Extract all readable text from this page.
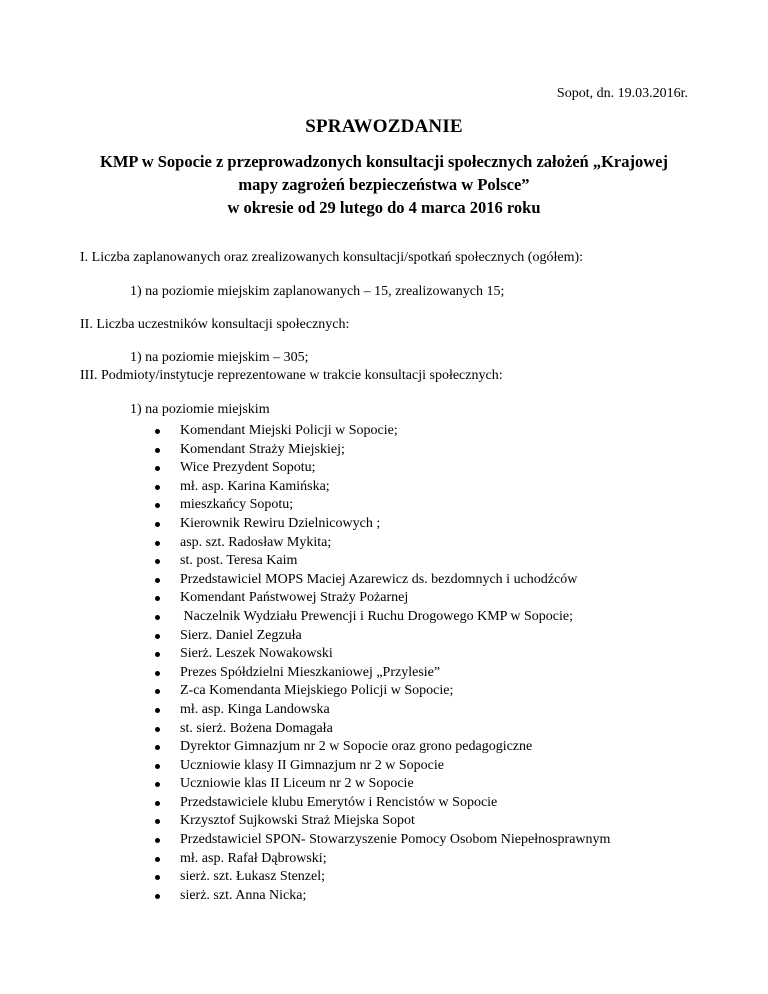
Sopot, dn. 19.03.2016r.
SPRAWOZDANIE
KMP w Sopocie z przeprowadzonych konsultacji społecznych założeń „Krajowej
mapy zagrożeń bezpieczeństwa w Polsce”
w okresie od 29 lutego do 4 marca 2016 roku
I. Liczba zaplanowanych oraz zrealizowanych konsultacji/spotkań społecznych (ogółem):
1) na poziomie miejskim zaplanowanych – 15, zrealizowanych 15;
II. Liczba uczestników konsultacji społecznych:
1) na poziomie miejskim – 305;
III. Podmioty/instytucje reprezentowane w trakcie konsultacji społecznych:
1) na poziomie miejskim
Komendant Miejski Policji w Sopocie;
Komendant Straży Miejskiej;
Wice Prezydent Sopotu;
mł. asp. Karina Kamińska;
mieszkańcy Sopotu;
Kierownik Rewiru Dzielnicowych ;
asp. szt. Radosław Mykita;
st. post. Teresa Kaim
Przedstawiciel MOPS Maciej Azarewicz ds. bezdomnych i uchodźców
Komendant Państwowej Straży Pożarnej
Naczelnik Wydziału Prewencji i Ruchu Drogowego KMP w Sopocie;
Sierz. Daniel Zegzuła
Sierż. Leszek Nowakowski
Prezes Spółdzielni Mieszkaniowej „Przylesie”
Z-ca Komendanta Miejskiego Policji w Sopocie;
mł. asp. Kinga Landowska
st. sierż. Bożena Domagała
Dyrektor Gimnazjum nr 2 w Sopocie oraz grono pedagogiczne
Uczniowie klasy II Gimnazjum nr 2 w Sopocie
Uczniowie klas II Liceum nr 2 w Sopocie
Przedstawiciele klubu Emerytów i Rencistów w Sopocie
Krzysztof Sujkowski Straż Miejska Sopot
Przedstawiciel SPON- Stowarzyszenie Pomocy Osobom Niepełnosprawnym
mł. asp. Rafał Dąbrowski;
sierż. szt. Łukasz Stenzel;
sierż. szt. Anna Nicka;
